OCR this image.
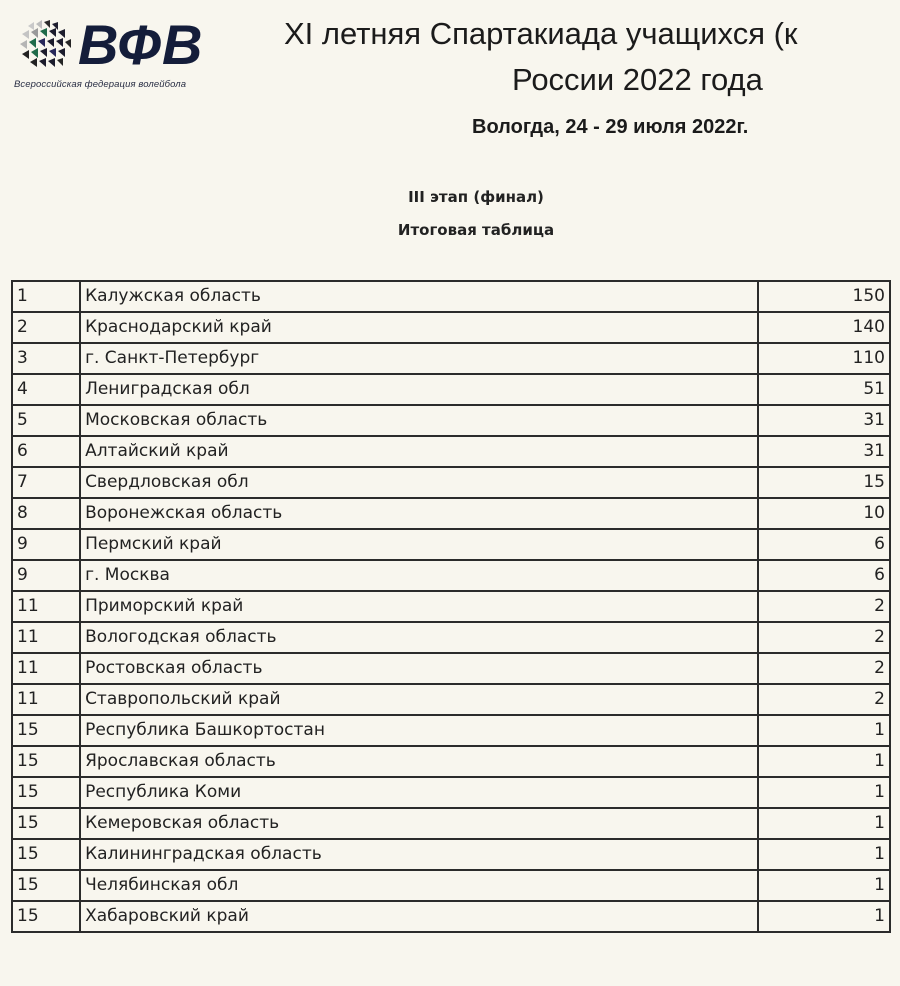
ВФВ
Всероссийская федерация волейбола
XI летняя Спартакиада учащихся (к
России 2022 года
Вологда, 24 - 29 июля 2022г.
III этап (финал)
Итоговая таблица
1	Калужская область	150
2	Краснодарский край	140
3	г. Санкт-Петербург	110
4	Лениградская обл	51
5	Московская область	31
6	Алтайский край	31
7	Свердловская обл	15
8	Воронежская область	10
9	Пермский край	6
9	г. Москва	6
11	Приморский край	2
11	Вологодская область	2
11	Ростовская область	2
11	Ставропольский край	2
15	Республика Башкортостан	1
15	Ярославская область	1
15	Республика Коми	1
15	Кемеровская область	1
15	Калининградская область	1
15	Челябинская обл	1
15	Хабаровский край	1
